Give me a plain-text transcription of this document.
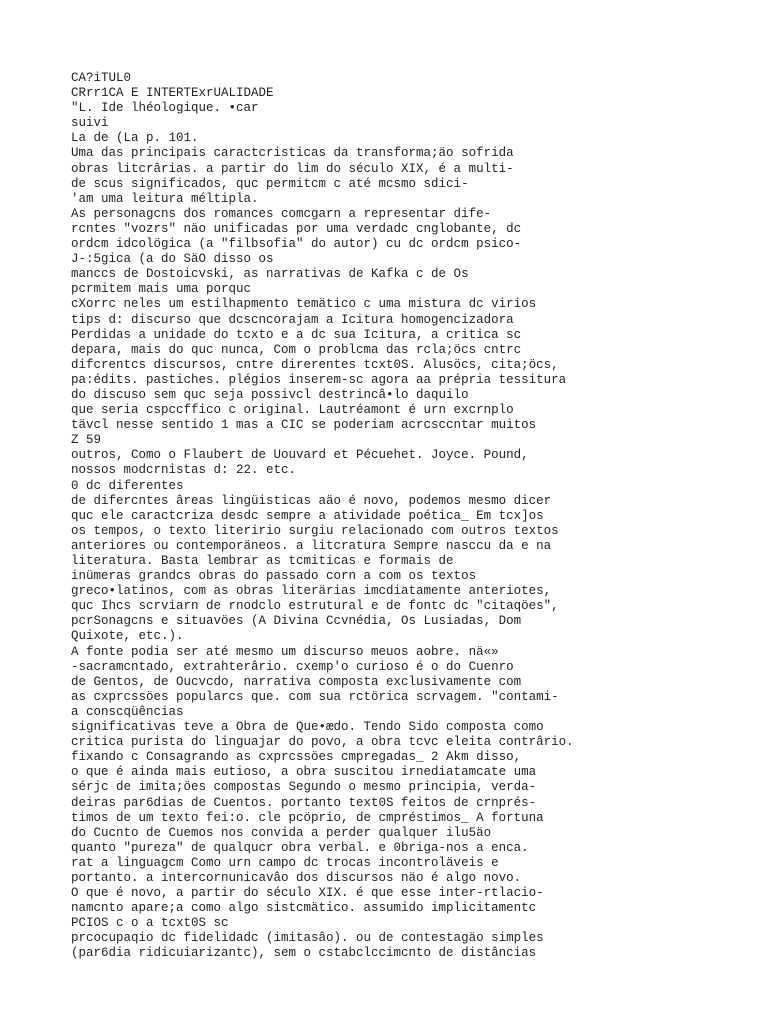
CA?iTUL0
CRrr1CA E INTERTExrUALIDADE
"L. Ide lhéologique. •car
suivi
La de (La p. 101.
Uma das principais caractcristicas da transforma;äo sofrida
obras litcrârias. a partir do lim do século XIX, é a multi-
de scus significados, quc permitcm c até mcsmo sdici-
'am uma leitura méltipla.
As personagcns dos romances comcgarn a representar dife-
rcntes "vozrs" näo unificadas por uma verdadc cnglobante, dc
ordcm idcolögica (a "filbsofia" do autor) cu dc ordcm psico-
J-:5gica (a do SäO disso os
manccs de Dostoicvski, as narrativas de Kafka c de Os
pcrmitem mais uma porquc
cXorrc neles um estilhapmento temätico c uma mistura dc virios
tips d: discurso que dcscncorajam a Icitura homogencizadora
Perdidas a unidade do tcxto e a dc sua Icitura, a critica sc
depara, mais do quc nunca, Com o problcma das rcla;öcs cntrc
difcrentcs discursos, cntre direrentes tcxt0S. Alusöcs, cita;öcs,
pa:édits. pastiches. plégios inserem-sc agora aa prépria tessitura
do discuso sem quc seja possivcl destrincâ•lo daquilo
que seria cspccffico c original. Lautréamont é urn excrnplo
tävcl nesse sentido 1 mas a CIC se poderiam acrcsccntar muitos
Z 59
outros, Como o Flaubert de Uouvard et Pécuehet. Joyce. Pound,
nossos modcrnistas d: 22. etc.
0 dc diferentes
de difercntes âreas lingüisticas aäo é novo, podemos mesmo dicer
quc ele caractcriza desdc sempre a atividade poética_ Em tcx]os
os tempos, o texto literirio surgiu relacionado com outros textos
anteriores ou contemporäneos. a litcratura Sempre nasccu da e na
literatura. Basta lembrar as tcmiticas e formais de
inümeras grandcs obras do passado corn a com os textos
greco•latinos, com as obras literärias imcdiatamente anteriotes,
quc Ihcs scrviarn de rnodclo estrutural e de fontc dc "citaqöes",
pcrSonagcns e situavöes (A Divina Ccvnédia, Os Lusiadas, Dom
Quixote, etc.).
A fonte podia ser até mesmo um discurso meuos aobre. nä«»
-sacramcntado, extrahterârio. cxemp'o curioso é o do Cuenro
de Gentos, de Oucvcdo, narrativa composta exclusivamente com
as cxprcssöes popularcs que. com sua rctörica scrvagem. "contami-
a conscqüências
significativas teve a Obra de Que•ædo. Tendo Sido composta como
critica purista do linguajar do povo, a obra tcvc eleita contrârio.
fixando c Consagrando as cxprcssöes cmpregadas_ 2 Akm disso,
o que é ainda mais eutioso, a obra suscitou irnediatamcate uma
sérjc de imita;öes compostas Segundo o mesmo principia, verda-
deiras par6dias de Cuentos. portanto text0S feitos de crnprés-
timos de um texto fei:o. cle pcöprio, de cmpréstimos_ A fortuna
do Cucnto de Cuemos nos convida a perder qualquer ilu5äo
quanto "pureza" de qualqucr obra verbal. e 0briga-nos a enca.
rat a linguagcm Como urn campo dc trocas incontroläveis e
portanto. a intercornunicavâo dos discursos näo é algo novo.
O que é novo, a partir do século XIX. é que esse inter-rtlacio-
namcnto apare;a como algo sistcmätico. assumido implicitamentc
PCIOS c o a tcxt0S sc
prcocupaqio dc fidelidadc (imitasâo). ou de contestagäo simples
(par6dia ridicuiarizantc), sem o cstabclccimcnto de distâncias
